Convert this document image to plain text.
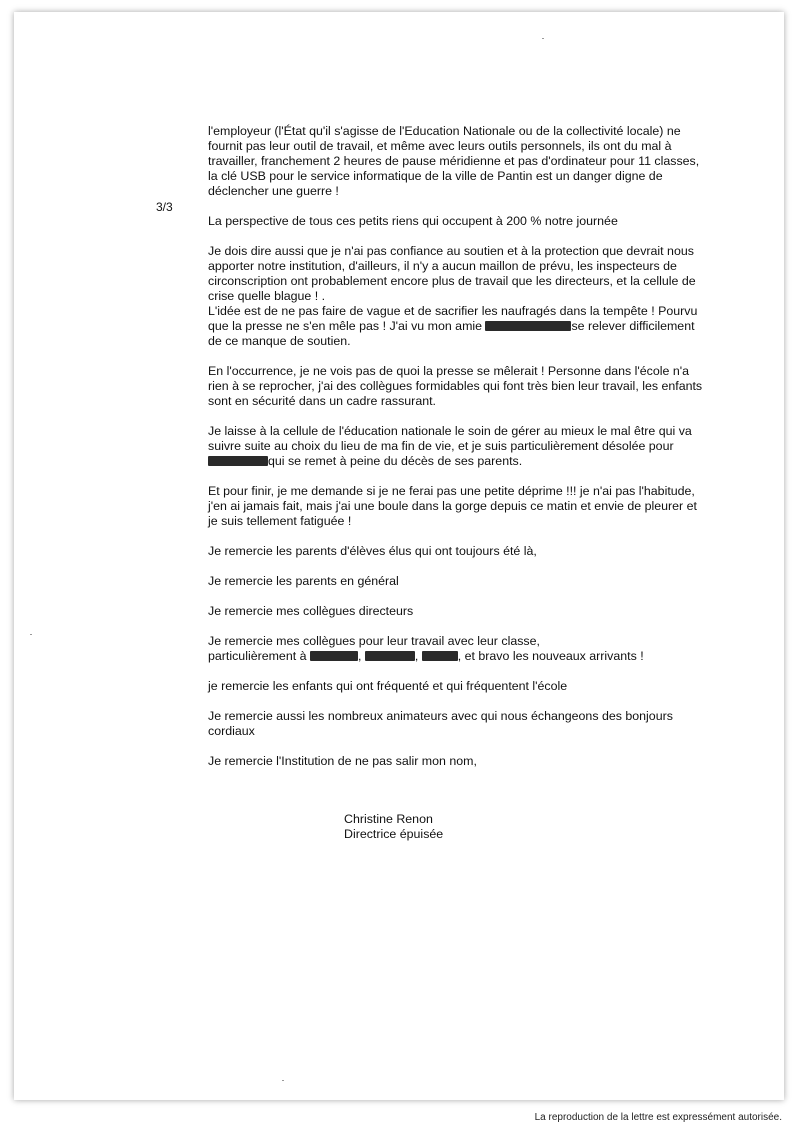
3/3

l'employeur (l'État qu'il s'agisse de l'Education Nationale ou de la collectivité locale) ne
fournit pas leur outil de travail, et même avec leurs outils personnels, ils ont du mal à
travailler, franchement 2 heures de pause méridienne et pas d'ordinateur pour 11 classes,
la clé USB pour le service informatique de la ville de Pantin est un danger digne de
déclencher une guerre !

La perspective de tous ces petits riens qui occupent à 200 % notre journée

Je dois dire aussi que je n'ai pas confiance au soutien et à la protection que devrait nous
apporter notre institution, d'ailleurs, il n'y a aucun maillon de prévu, les inspecteurs de
circonscription ont probablement encore plus de travail que les directeurs, et la cellule de
crise quelle blague ! .

L'idée est de ne pas faire de vague et de sacrifier les naufragés dans la tempête ! Pourvu
que la presse ne s'en mêle pas ! J'ai vu mon amie	se relever difficilement
de ce manque de soutien.

En l'occurrence, je ne vois pas de quoi la presse se mêlerait ! Personne dans l'école n'a
rien à se reprocher, j'ai des collègues formidables qui font très bien leur travail, les enfants
sont en sécurité dans un cadre rassurant.

Je laisse à la cellule de l'éducation nationale le soin de gérer au mieux le mal être qui va
suivre suite au choix du lieu de ma fin de vie, et je suis particulièrement désolée pour
qui se remet à peine du décès de ses parents.

Et pour finir, je me demande si je ne ferai pas une petite déprime !!! je n'ai pas l'habitude,
j'en ai jamais fait, mais j'ai une boule dans la gorge depuis ce matin et envie de pleurer et
je suis tellement fatiguée !

Je remercie les parents d'élèves élus qui ont toujours été là,

Je remercie les parents en général

Je remercie mes collègues directeurs

Je remercie mes collègues pour leur travail avec leur classe,
particulièrement à	,	,	, et bravo les nouveaux arrivants !

je remercie les enfants qui ont fréquenté et qui fréquentent l'école

Je remercie aussi les nombreux animateurs avec qui nous échangeons des bonjours
cordiaux

Je remercie l'Institution de ne pas salir mon nom,

Christine Renon
Directrice épuisée
La reproduction de la lettre est expressément autorisée.
